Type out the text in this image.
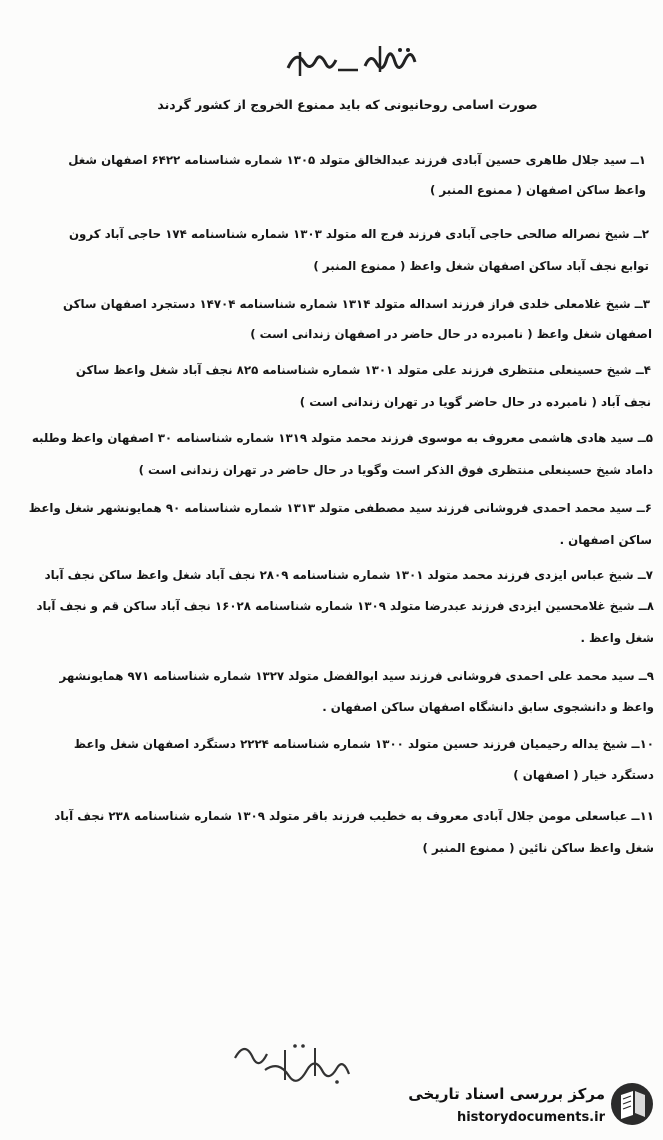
صورت اسامی روحانیونی که باید ممنوع الخروج از کشور گردند
۱ــ سید جلال طاهری حسین آبادی فرزند عبدالخالق متولد ۱۳۰۵ شماره شناسنامه ۶۴۲۲ اصفهان شغل
واعظ ساکن اصفهان ( ممنوع المنبر )
۲ــ شیخ نصراله صالحی حاجی آبادی فرزند فرج اله متولد ۱۳۰۳ شماره شناسنامه ۱۷۴ حاجی آباد کرون
توابع نجف آباد ساکن اصفهان شغل واعظ ( ممنوع المنبر )
۳ــ شیخ غلامعلی خلدی فراز فرزند اسداله متولد ۱۳۱۴ شماره شناسنامه ۱۴۷۰۴ دستجرد اصفهان ساکن
اصفهان شغل واعظ ( نامبرده در حال حاضر در اصفهان زندانی است )
۴ــ شیخ حسینعلی منتظری فرزند علی متولد ۱۳۰۱ شماره شناسنامه ۸۲۵ نجف آباد شغل واعظ ساکن
نجف آباد ( نامبرده در حال حاضر گویا در تهران زندانی است )
۵ــ سید هادی هاشمی معروف به موسوی فرزند محمد متولد ۱۳۱۹ شماره شناسنامه ۳۰ اصفهان واعظ وطلبه
داماد شیخ حسینعلی منتظری فوق الذکر است وگویا در حال حاضر در تهران زندانی است )
۶ــ سید محمد احمدی فروشانی فرزند سید مصطفی متولد ۱۳۱۳ شماره شناسنامه ۹۰ همایونشهر شغل واعظ
ساکن اصفهان .
۷ــ شیخ عباس ایزدی فرزند محمد متولد ۱۳۰۱ شماره شناسنامه ۲۸۰۹ نجف آباد شغل واعظ ساکن نجف آباد
۸ــ شیخ غلامحسین ایزدی فرزند عبدرضا متولد ۱۳۰۹ شماره شناسنامه ۱۶۰۲۸ نجف آباد ساکن قم و نجف آباد
شغل واعظ .
۹ــ سید محمد علی احمدی فروشانی فرزند سید ابوالفضل متولد ۱۳۲۷ شماره شناسنامه ۹۷۱ همایونشهر
واعظ و دانشجوی سابق دانشگاه اصفهان ساکن اصفهان .
۱۰ــ شیخ یداله رحیمیان فرزند حسین متولد ۱۳۰۰ شماره شناسنامه ۲۲۲۴ دستگرد اصفهان شغل واعظ
دستگرد خیار ( اصفهان )
۱۱ــ عباسعلی مومن جلال آبادی معروف به خطیب فرزند باقر متولد ۱۳۰۹ شماره شناسنامه ۲۳۸ نجف آباد
شغل واعظ ساکن نائین ( ممنوع المنبر )
مرکز بررسی اسناد تاریخی
historydocuments.ir
